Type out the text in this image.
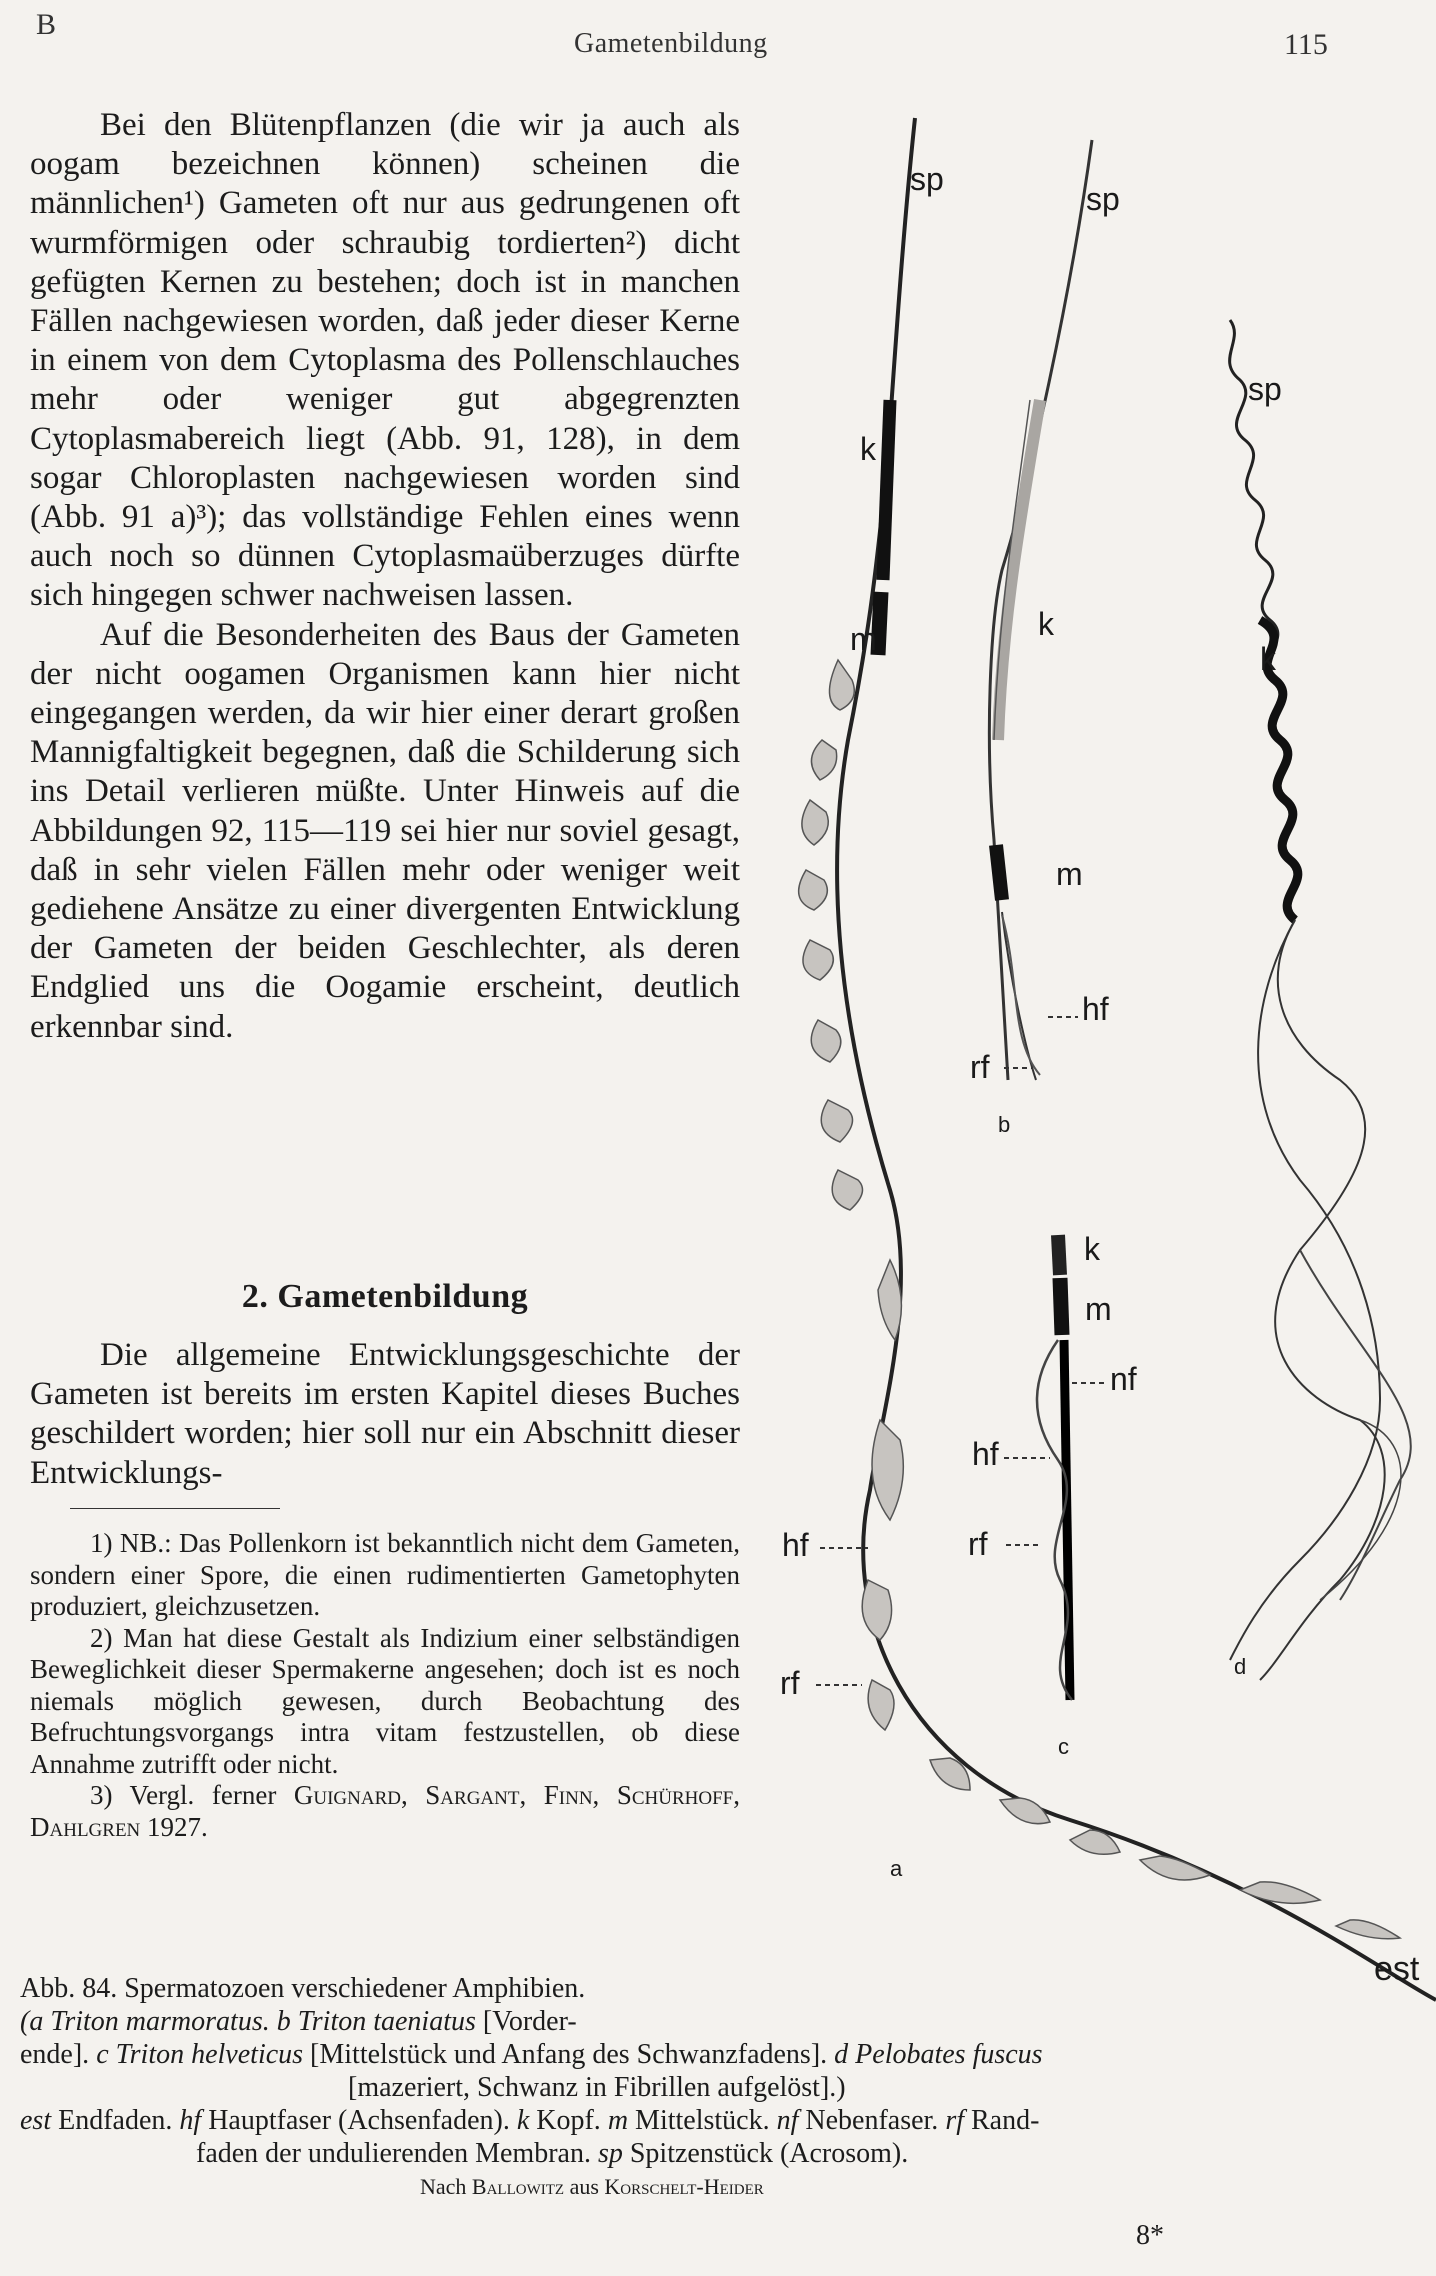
B
Gametenbildung	115

Bei den Blütenpflanzen (die wir ja auch als oogam bezeichnen können) scheinen die männlichen¹) Gameten oft nur aus gedrungenen oft wurmförmigen oder schraubig tordierten²) dicht gefügten Kernen zu bestehen; doch ist in manchen Fällen nachgewiesen worden, daß jeder dieser Kerne in einem von dem Cytoplasma des Pollenschlauches mehr oder weniger gut abgegrenzten Cytoplasmabereich liegt (Abb. 91, 128), in dem sogar Chloroplasten nachgewiesen worden sind (Abb. 91 a)³); das vollständige Fehlen eines wenn auch noch so dünnen Cytoplasmaüberzuges dürfte sich hingegen schwer nachweisen lassen.

Auf die Besonderheiten des Baus der Gameten der nicht oogamen Organismen kann hier nicht eingegangen werden, da wir hier einer derart großen Mannigfaltigkeit begegnen, daß die Schilderung sich ins Detail verlieren müßte. Unter Hinweis auf die Abbildungen 92, 115—119 sei hier nur soviel gesagt, daß in sehr vielen Fällen mehr oder weniger weit gediehene Ansätze zu einer divergenten Entwicklung der Gameten der beiden Geschlechter, als deren Endglied uns die Oogamie erscheint, deutlich erkennbar sind.

2. Gametenbildung

Die allgemeine Entwicklungsgeschichte der Gameten ist bereits im ersten Kapitel dieses Buches geschildert worden; hier soll nur ein Abschnitt dieser Entwicklungs-

1) NB.: Das Pollenkorn ist bekanntlich nicht dem Gameten, sondern einer Spore, die einen rudimentierten Gametophyten produziert, gleichzusetzen.

2) Man hat diese Gestalt als Indizium einer selbständigen Beweglichkeit dieser Spermakerne angesehen; doch ist es noch niemals möglich gewesen, durch Beobachtung des Befruchtungsvorgangs intra vitam festzustellen, ob diese Annahme zutrifft oder nicht.

3) Vergl. ferner Guignard, Sargant, Finn, Schürhoff, Dahlgren 1927.

sp
sp
sp
k
k
k
m
m
hf
rf
b
k
m
nf
hf
rf
c
hf
rf	d
a
est
Abb. 84. Spermatozoen verschiedener Amphibien.
(a Triton marmoratus. b Triton taeniatus [Vorder-
ende]. c Triton helveticus [Mittelstück und Anfang des Schwanzfadens]. d Pelobates fuscus
[mazeriert, Schwanz in Fibrillen aufgelöst].)
est Endfaden. hf Hauptfaser (Achsenfaden). k Kopf. m Mittelstück. nf Nebenfaser. rf Rand-
faden der undulierenden Membran. sp Spitzenstück (Acrosom).
Nach Ballowitz aus Korschelt-Heider
8*
